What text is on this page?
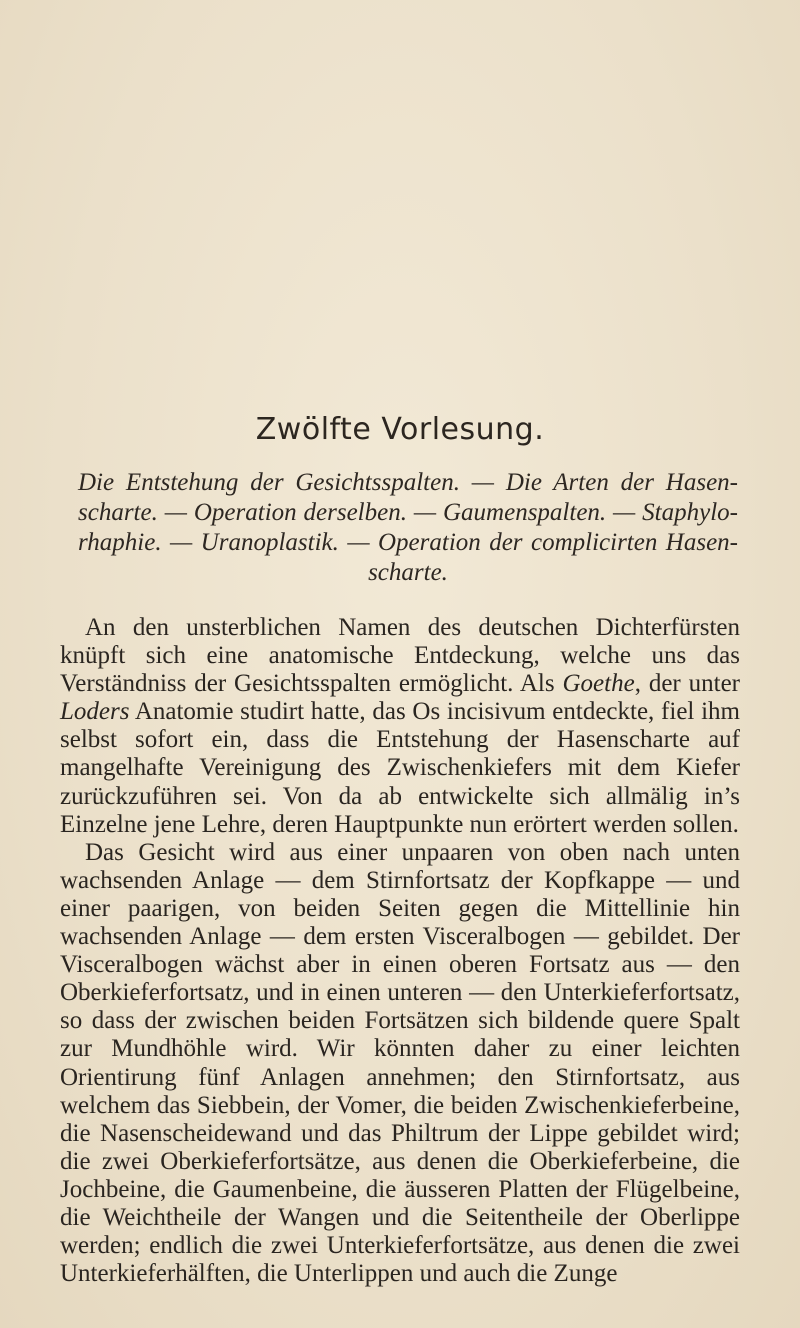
Zwölfte Vorlesung.
Die Entstehung der Gesichtsspalten. — Die Arten der Hasen-scharte. — Operation derselben. — Gaumenspalten. — Staphylo-rhaphie. — Uranoplastik. — Operation der complicirten Hasen-scharte.

An den unsterblichen Namen des deutschen Dichterfürsten knüpft sich eine anatomische Entdeckung, welche uns das Verständniss der Gesichtsspalten ermöglicht. Als Goethe, der unter Loders Anatomie studirt hatte, das Os incisivum entdeckte, fiel ihm selbst sofort ein, dass die Entstehung der Hasenscharte auf mangelhafte Vereinigung des Zwischenkiefers mit dem Kiefer zurückzuführen sei. Von da ab entwickelte sich allmälig in’s Einzelne jene Lehre, deren Hauptpunkte nun erörtert werden sollen.

Das Gesicht wird aus einer unpaaren von oben nach unten wachsenden Anlage — dem Stirnfortsatz der Kopfkappe — und einer paarigen, von beiden Seiten gegen die Mittellinie hin wachsenden Anlage — dem ersten Visceralbogen — gebildet. Der Visceralbogen wächst aber in einen oberen Fortsatz aus — den Oberkieferfortsatz, und in einen unteren — den Unterkieferfortsatz, so dass der zwischen beiden Fortsätzen sich bildende quere Spalt zur Mundhöhle wird. Wir könnten daher zu einer leichten Orientirung fünf Anlagen annehmen; den Stirnfortsatz, aus welchem das Siebbein, der Vomer, die beiden Zwischenkieferbeine, die Nasenscheidewand und das Philtrum der Lippe gebildet wird; die zwei Oberkieferfortsätze, aus denen die Oberkieferbeine, die Jochbeine, die Gaumenbeine, die äusseren Platten der Flügelbeine, die Weichtheile der Wangen und die Seitentheile der Oberlippe werden; endlich die zwei Unterkieferfortsätze, aus denen die zwei Unterkieferhälften, die Unterlippen und auch die Zunge
